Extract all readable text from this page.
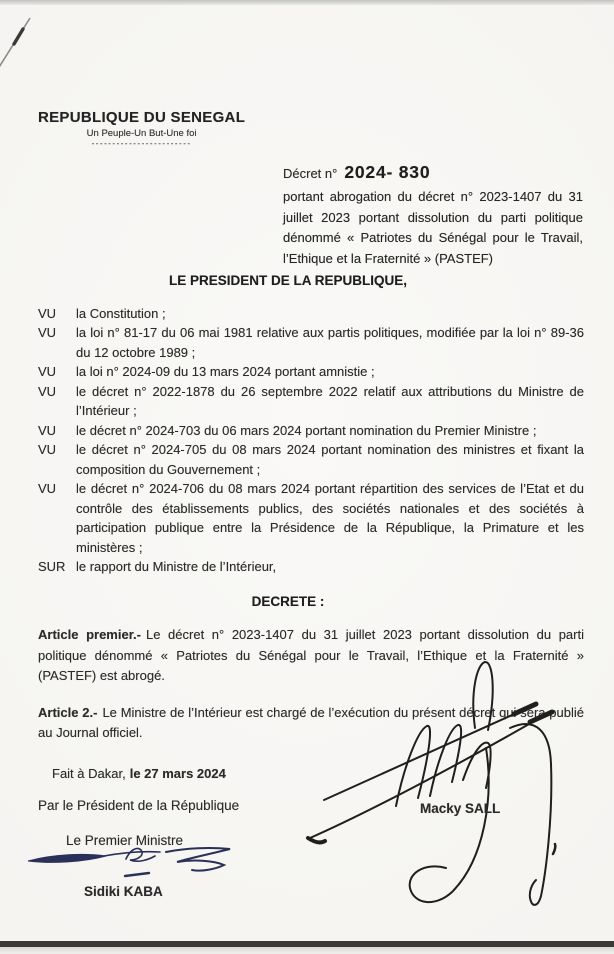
REPUBLIQUE DU SENEGAL
Un Peuple-Un But-Une foi
------------------------
Décret n° 2024- 830
portant abrogation du décret n° 2023-1407 du 31 juillet 2023 portant dissolution du parti politique dénommé « Patriotes du Sénégal pour le Travail, l’Ethique et la Fraternité » (PASTEF)
LE PRESIDENT DE LA REPUBLIQUE,
VU	la Constitution ;
VU	la loi n° 81-17 du 06 mai 1981 relative aux partis politiques, modifiée par la loi n° 89-36 du 12 octobre 1989 ;
VU	la loi n° 2024-09 du 13 mars 2024 portant amnistie ;
VU	le décret n° 2022-1878 du 26 septembre 2022 relatif aux attributions du Ministre de l’Intérieur ;
VU	le décret n° 2024-703 du 06 mars 2024 portant nomination du Premier Ministre ;
VU	le décret n° 2024-705 du 08 mars 2024 portant nomination des ministres et fixant la composition du Gouvernement ;
VU	le décret n° 2024-706 du 08 mars 2024 portant répartition des services de l’Etat et du contrôle des établissements publics, des sociétés nationales et des sociétés à participation publique entre la Présidence de la République, la Primature et les ministères ;
SUR le rapport du Ministre de l’Intérieur,
DECRETE :

Article premier.- Le décret n° 2023-1407 du 31 juillet 2023 portant dissolution du parti politique dénommé « Patriotes du Sénégal pour le Travail, l’Ethique et la Fraternité » (PASTEF) est abrogé.

Article 2.- Le Ministre de l’Intérieur est chargé de l’exécution du présent décret qui sera publié au Journal officiel.

Fait à Dakar, le 27 mars 2024
Par le Président de la République
Le Premier Ministre
Sidiki KABA
Macky SALL
